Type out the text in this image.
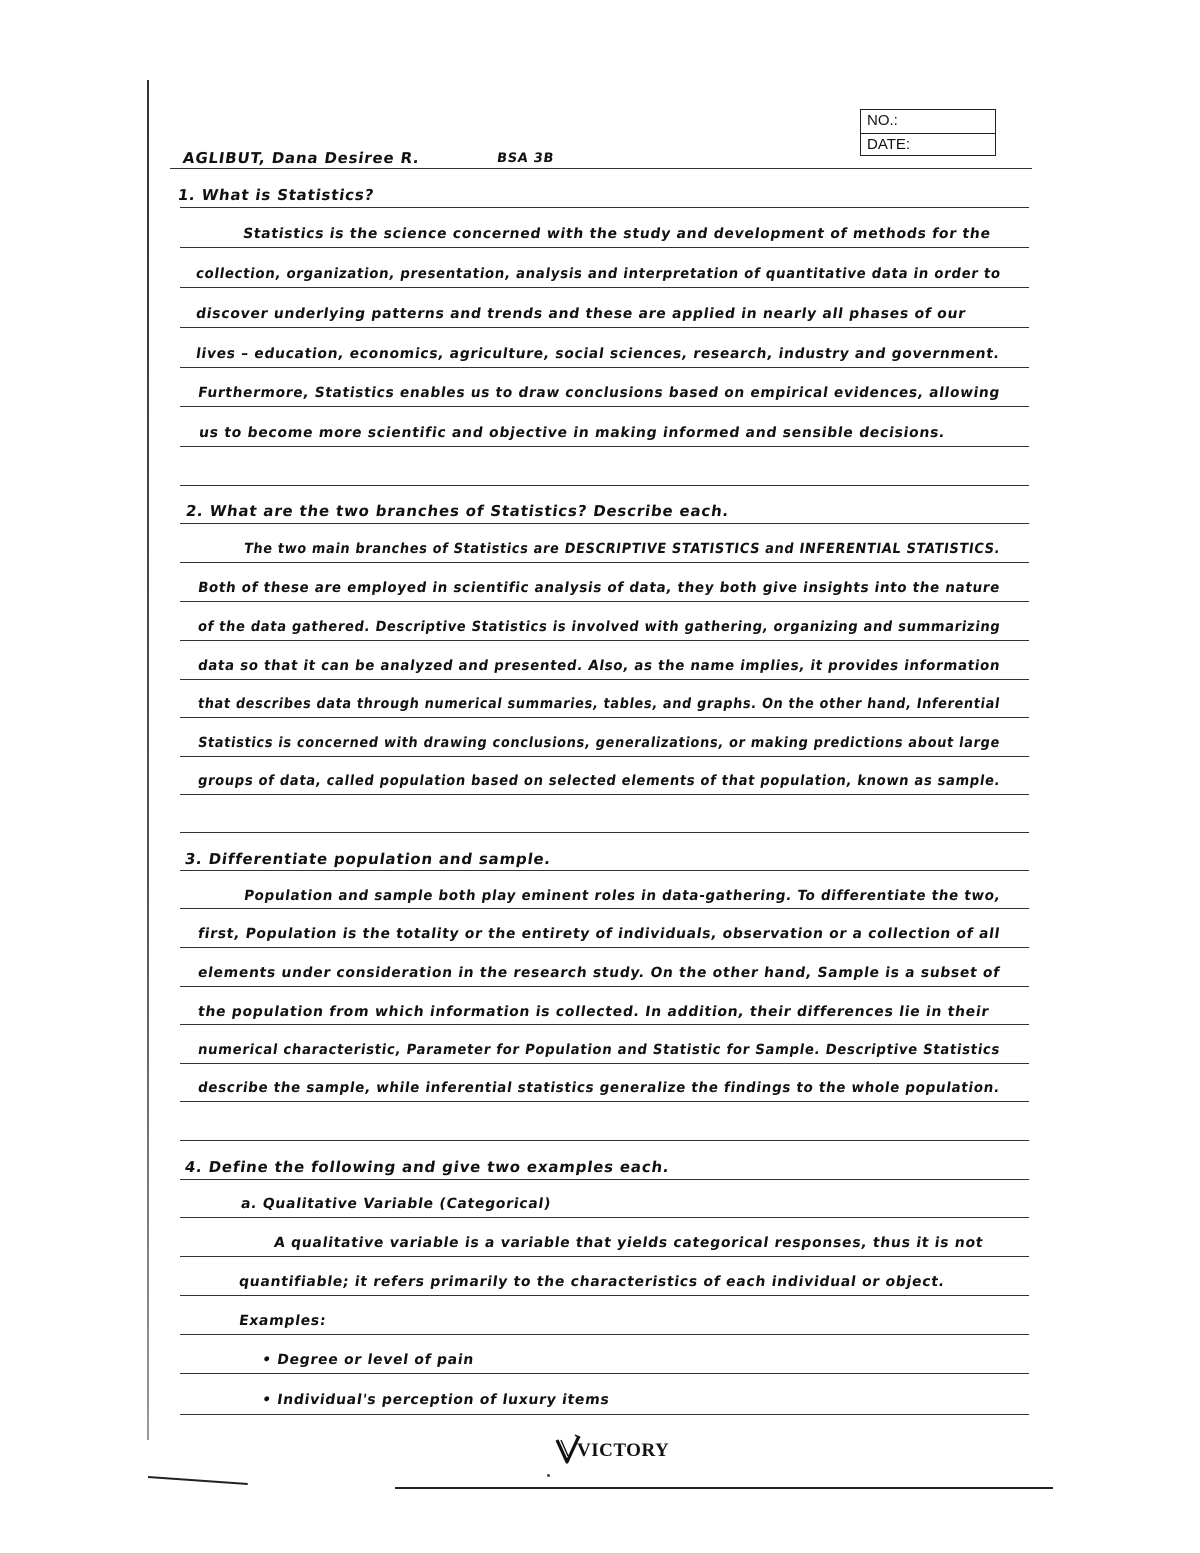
NO.:
DATE:
AGLIBUT, Dana Desiree R.	BSA 3B
1. What is Statistics?
Statistics is the science concerned with the study and development of methods for the
collection, organization, presentation, analysis and interpretation of quantitative data in order to
discover underlying patterns and trends and these are applied in nearly all phases of our
lives – education, economics, agriculture, social sciences, research, industry and government.
Furthermore, Statistics enables us to draw conclusions based on empirical evidences, allowing
us to become more scientific and objective in making informed and sensible decisions.
2. What are the two branches of Statistics? Describe each.
The two main branches of Statistics are DESCRIPTIVE STATISTICS and INFERENTIAL STATISTICS.
Both of these are employed in scientific analysis of data, they both give insights into the nature
of the data gathered. Descriptive Statistics is involved with gathering, organizing and summarizing
data so that it can be analyzed and presented. Also, as the name implies, it provides information
that describes data through numerical summaries, tables, and graphs. On the other hand, Inferential
Statistics is concerned with drawing conclusions, generalizations, or making predictions about large
groups of data, called population based on selected elements of that population, known as sample.
3. Differentiate population and sample.
Population and sample both play eminent roles in data-gathering. To differentiate the two,
first, Population is the totality or the entirety of individuals, observation or a collection of all
elements under consideration in the research study. On the other hand, Sample is a subset of
the population from which information is collected. In addition, their differences lie in their
numerical characteristic, Parameter for Population and Statistic for Sample. Descriptive Statistics
describe the sample, while inferential statistics generalize the findings to the whole population.
4. Define the following and give two examples each.
a. Qualitative Variable (Categorical)
A qualitative variable is a variable that yields categorical responses, thus it is not
quantifiable; it refers primarily to the characteristics of each individual or object.
Examples:
• Degree or level of pain
• Individual's perception of luxury items
VICTORY
